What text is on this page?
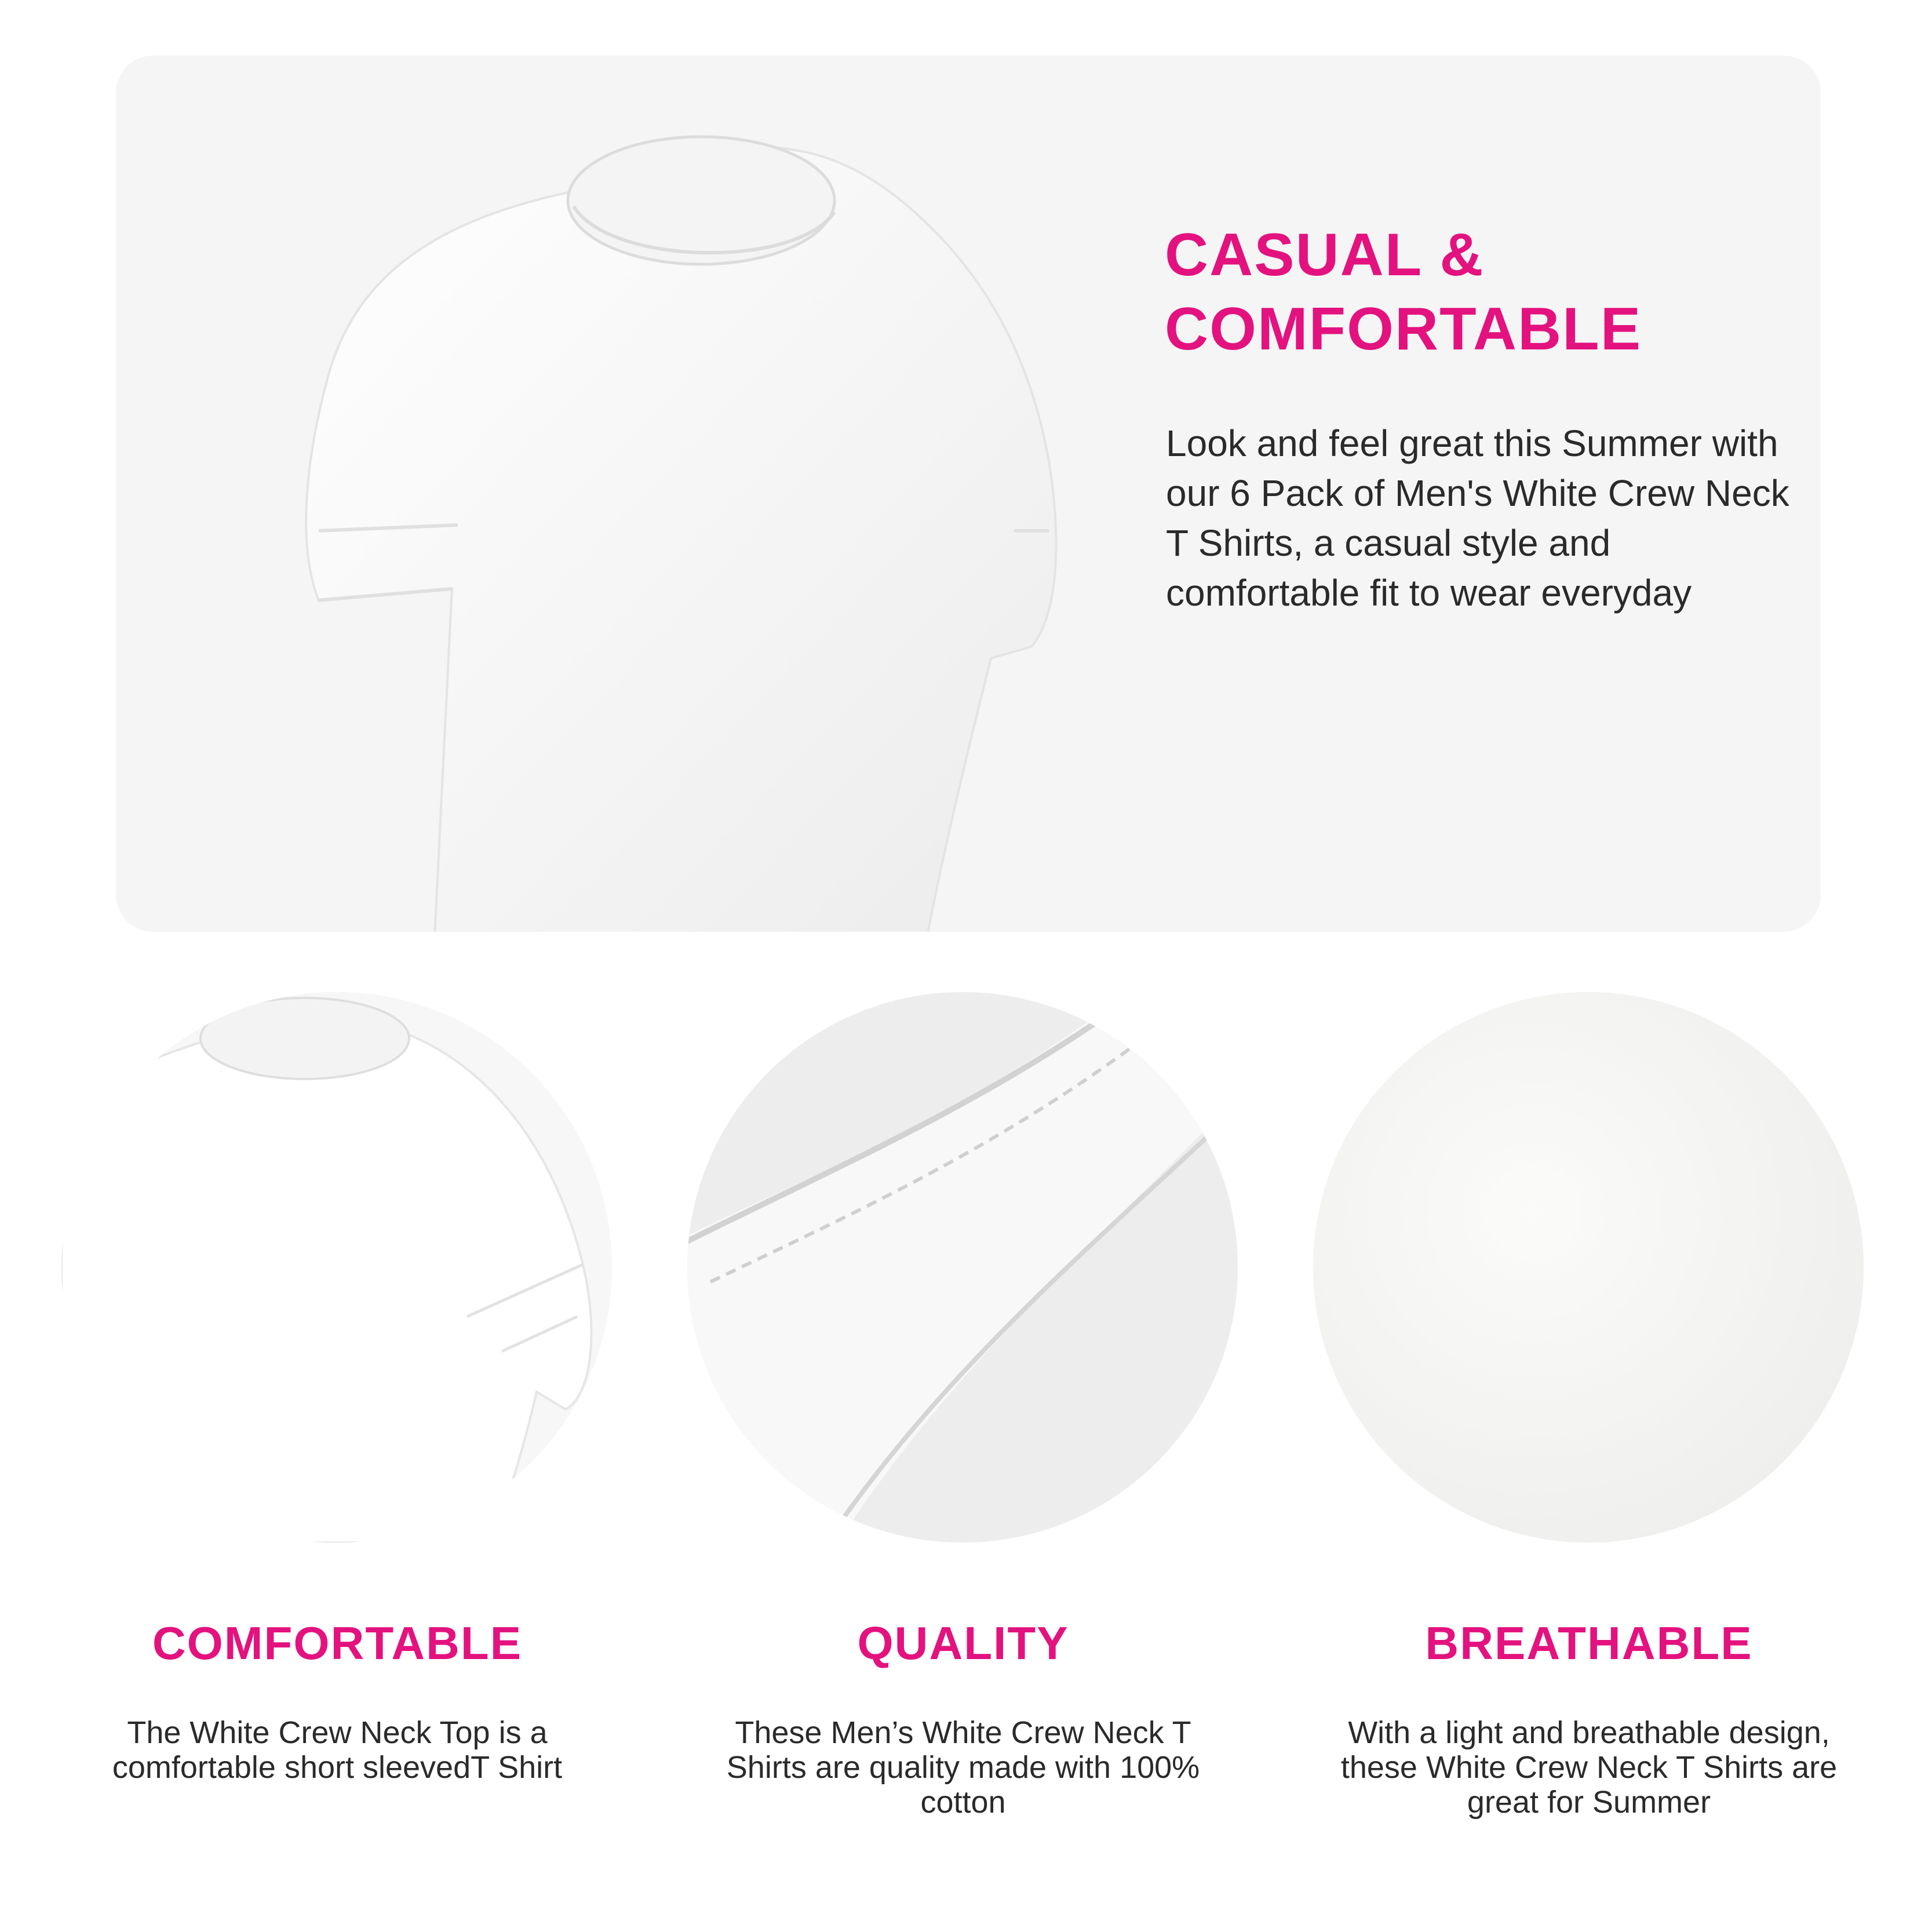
CASUAL &
COMFORTABLE

Look and feel great this Summer with our 6 Pack of Men's White Crew Neck T Shirts, a casual style and comfortable fit to wear everyday

COMFORTABLE

The White Crew Neck Top is a comfortable short sleevedT Shirt

QUALITY

These Men’s White Crew Neck T Shirts are quality made with 100% cotton

BREATHABLE

With a light and breathable design, these White Crew Neck T Shirts are great for Summer
